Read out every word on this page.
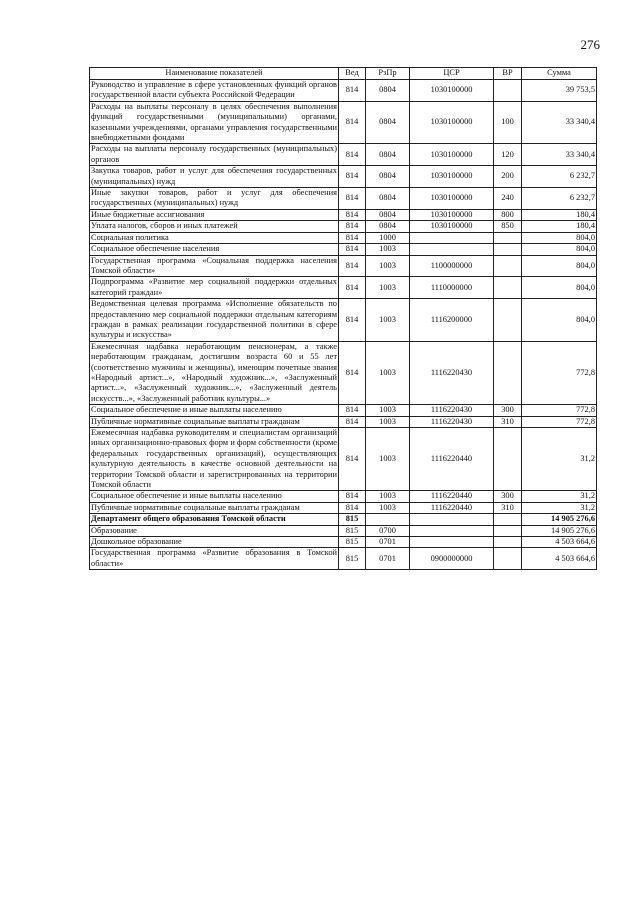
276
Наименование показателей	Вед	РзПр	ЦСР	ВР	Сумма
Руководство и управление в сфере установленных функций органов государственной власти субъекта Российской Федерации	814	0804	1030100000		39 753,5
Расходы на выплаты персоналу в целях обеспечения выполнения функций государственными (муниципальными) органами, казенными учреждениями, органами управления государственными внебюджетными фондами	814	0804	1030100000	100	33 340,4
Расходы на выплаты персоналу государственных (муниципальных) органов	814	0804	1030100000	120	33 340,4
Закупка товаров, работ и услуг для обеспечения государственных (муниципальных) нужд	814	0804	1030100000	200	6 232,7
Иные закупки товаров, работ и услуг для обеспечения государственных (муниципальных) нужд	814	0804	1030100000	240	6 232,7
Иные бюджетные ассигнования	814	0804	1030100000	800	180,4
Уплата налогов, сборов и иных платежей	814	0804	1030100000	850	180,4
Социальная политика	814	1000			804,0
Социальное обеспечение населения	814	1003			804,0
Государственная программа «Социальная поддержка населения Томской области»	814	1003	1100000000		804,0
Подпрограмма «Развитие мер социальной поддержки отдельных категорий граждан»	814	1003	1110000000		804,0
Ведомственная целевая программа «Исполнение обязательств по предоставлению мер социальной поддержки отдельным категориям граждан в рамках реализации государственной политики в сфере культуры и искусства»	814	1003	1116200000		804,0
Ежемесячная надбавка неработающим пенсионерам, а также неработающим гражданам, достигшим возраста 60 и 55 лет (соответственно мужчины и женщины), имеющим почетные звания «Народный артист...», «Народный художник...», «Заслуженный артист...», «Заслуженный художник...», «Заслуженный деятель искусств...», «Заслуженный работник культуры...»	814	1003	1116220430		772,8
Социальное обеспечение и иные выплаты населению	814	1003	1116220430	300	772,8
Публичные нормативные социальные выплаты гражданам	814	1003	1116220430	310	772,8
Ежемесячная надбавка руководителям и специалистам организаций иных организационно-правовых форм и форм собственности (кроме федеральных государственных организаций), осуществляющих культурную деятельность в качестве основной деятельности на территории Томской области и зарегистрированных на территории Томской области	814	1003	1116220440		31,2
Социальное обеспечение и иные выплаты населению	814	1003	1116220440	300	31,2
Публичные нормативные социальные выплаты гражданам	814	1003	1116220440	310	31,2
Департамент общего образования Томской области	815				14 905 276,6
Образование	815	0700			14 905 276,6
Дошкольное образование	815	0701			4 503 664,6
Государственная программа «Развитие образования в Томской области»	815	0701	0900000000		4 503 664,6
